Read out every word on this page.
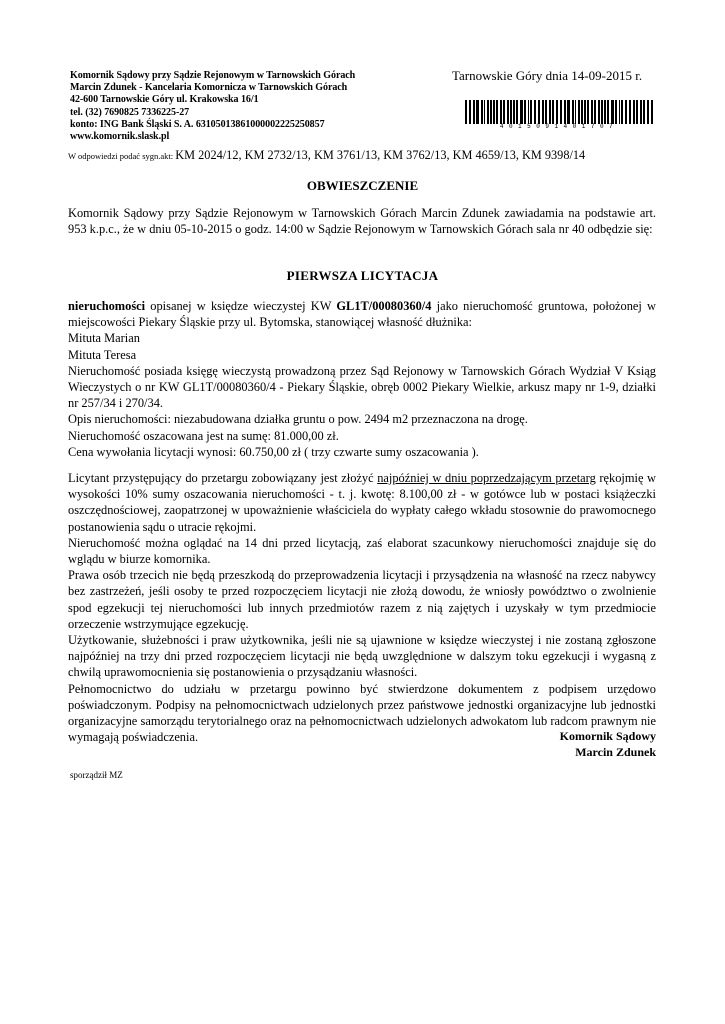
Komornik Sądowy przy Sądzie Rejonowym w Tarnowskich Górach
Marcin Zdunek - Kancelaria Komornicza w Tarnowskich Górach
42-600 Tarnowskie Góry ul. Krakowska 16/1
tel. (32) 7690825 7336225-27
konto: ING Bank Śląski S. A. 63105013861000002225250857
www.komornik.slask.pl
Tarnowskie Góry dnia 14-09-2015 r.
4015091401707
W odpowiedzi podać sygn.akt: KM 2024/12, KM 2732/13, KM 3761/13, KM 3762/13, KM 4659/13, KM 9398/14
OBWIESZCZENIE
Komornik Sądowy przy Sądzie Rejonowym w Tarnowskich Górach Marcin Zdunek zawiadamia na podstawie art. 953 k.p.c., że w dniu 05-10-2015 o godz. 14:00 w Sądzie Rejonowym w Tarnowskich Górach sala nr 40 odbędzie się:
PIERWSZA LICYTACJA
nieruchomości opisanej w księdze wieczystej KW GL1T/00080360/4 jako nieruchomość gruntowa, położonej w miejscowości Piekary Śląskie przy ul. Bytomska, stanowiącej własność dłużnika:
Mituta Marian
Mituta Teresa
Nieruchomość posiada księgę wieczystą prowadzoną przez Sąd Rejonowy w Tarnowskich Górach Wydział V Ksiąg Wieczystych o nr KW GL1T/00080360/4 - Piekary Śląskie, obręb 0002 Piekary Wielkie, arkusz mapy nr 1-9, działki nr 257/34 i 270/34.
Opis nieruchomości: niezabudowana działka gruntu o pow. 2494 m2 przeznaczona na drogę.
Nieruchomość oszacowana jest na sumę: 81.000,00 zł.
Cena wywołania licytacji wynosi: 60.750,00 zł ( trzy czwarte sumy oszacowania ).
Licytant przystępujący do przetargu zobowiązany jest złożyć najpóźniej w dniu poprzedzającym przetarg rękojmię w wysokości 10% sumy oszacowania nieruchomości - t. j. kwotę: 8.100,00 zł - w gotówce lub w postaci książeczki oszczędnościowej, zaopatrzonej w upoważnienie właściciela do wypłaty całego wkładu stosownie do prawomocnego postanowienia sądu o utracie rękojmi.
Nieruchomość można oglądać na 14 dni przed licytacją, zaś elaborat szacunkowy nieruchomości znajduje się do wglądu w biurze komornika.
Prawa osób trzecich nie będą przeszkodą do przeprowadzenia licytacji i przysądzenia na własność na rzecz nabywcy bez zastrzeżeń, jeśli osoby te przed rozpoczęciem licytacji nie złożą dowodu, że wniosły powództwo o zwolnienie spod egzekucji tej nieruchomości lub innych przedmiotów razem z nią zajętych i uzyskały w tym przedmiocie orzeczenie wstrzymujące egzekucję.
Użytkowanie, służebności i praw użytkownika, jeśli nie są ujawnione w księdze wieczystej i nie zostaną zgłoszone najpóźniej na trzy dni przed rozpoczęciem licytacji nie będą uwzględnione w dalszym toku egzekucji i wygasną z chwilą uprawomocnienia się postanowienia o przysądzaniu własności.
Pełnomocnictwo do udziału w przetargu powinno być stwierdzone dokumentem z podpisem urzędowo poświadczonym. Podpisy na pełnomocnictwach udzielonych przez państwowe jednostki organizacyjne lub jednostki organizacyjne samorządu terytorialnego oraz na pełnomocnictwach udzielonych adwokatom lub radcom prawnym nie wymagają poświadczenia.	Komornik Sądowy
Marcin Zdunek
sporządził MZ
